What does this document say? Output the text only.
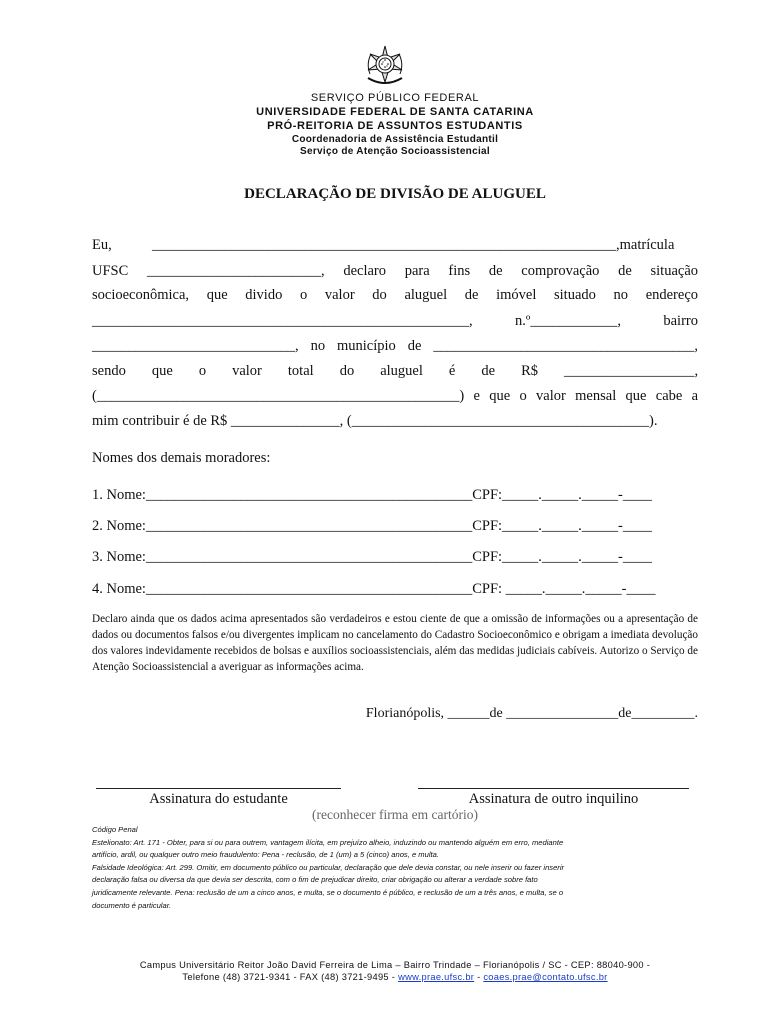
SERVIÇO PÚBLICO FEDERAL
UNIVERSIDADE FEDERAL DE SANTA CATARINA
PRÓ-REITORIA DE ASSUNTOS ESTUDANTIS
Coordenadoria de Assistência Estudantil
Serviço de Atenção Socioassistencial
DECLARAÇÃO DE DIVISÃO DE ALUGUEL
Eu,	________________________________________________________________,matrícula
UFSC ________________________, declaro para fins de comprovação de situação
socioeconômica, que divido o valor do aluguel de imóvel situado no endereço
____________________________________________________,	n.º____________,	bairro
____________________________, no município de ____________________________________,
sendo que o valor total do aluguel é de R$ __________________,
(__________________________________________________) e que o valor mensal que cabe a
mim contribuir é de R$ _______________, (_________________________________________).
Nomes dos demais moradores:
1. Nome:_____________________________________________CPF:_____._____._____-____
2. Nome:_____________________________________________CPF:_____._____._____-____
3. Nome:_____________________________________________CPF:_____._____._____-____
4. Nome:_____________________________________________CPF: _____._____._____-____
Declaro ainda que os dados acima apresentados são verdadeiros e estou ciente de que a omissão de informações ou a apresentação de dados ou documentos falsos e/ou divergentes implicam no cancelamento do Cadastro Socioeconômico e obrigam a imediata devolução dos valores indevidamente recebidos de bolsas e auxílios socioassistenciais, além das medidas judiciais cabíveis. Autorizo o Serviço de Atenção Socioassistencial a averiguar as informações acima.
Florianópolis, ______de ________________de_________.
Assinatura do estudante	Assinatura de outro inquilino
(reconhecer firma em cartório)
Código Penal
Estelionato: Art. 171 - Obter, para si ou para outrem, vantagem ilícita, em prejuízo alheio, induzindo ou mantendo alguém em erro, mediante
artifício, ardil, ou qualquer outro meio fraudulento: Pena - reclusão, de 1 (um) a 5 (cinco) anos, e multa.
Falsidade Ideológica: Art. 299. Omitir, em documento público ou particular, declaração que dele devia constar, ou nele inserir ou fazer inserir
declaração falsa ou diversa da que devia ser descrita, com o fim de prejudicar direito, criar obrigação ou alterar a verdade sobre fato
juridicamente relevante. Pena: reclusão de um a cinco anos, e multa, se o documento é público, e reclusão de um a três anos, e multa, se o
documento é particular.
Campus Universitário Reitor João David Ferreira de Lima – Bairro Trindade – Florianópolis / SC - CEP: 88040-900 -
Telefone (48) 3721-9341 - FAX (48) 3721-9495 - www.prae.ufsc.br - coaes.prae@contato.ufsc.br
